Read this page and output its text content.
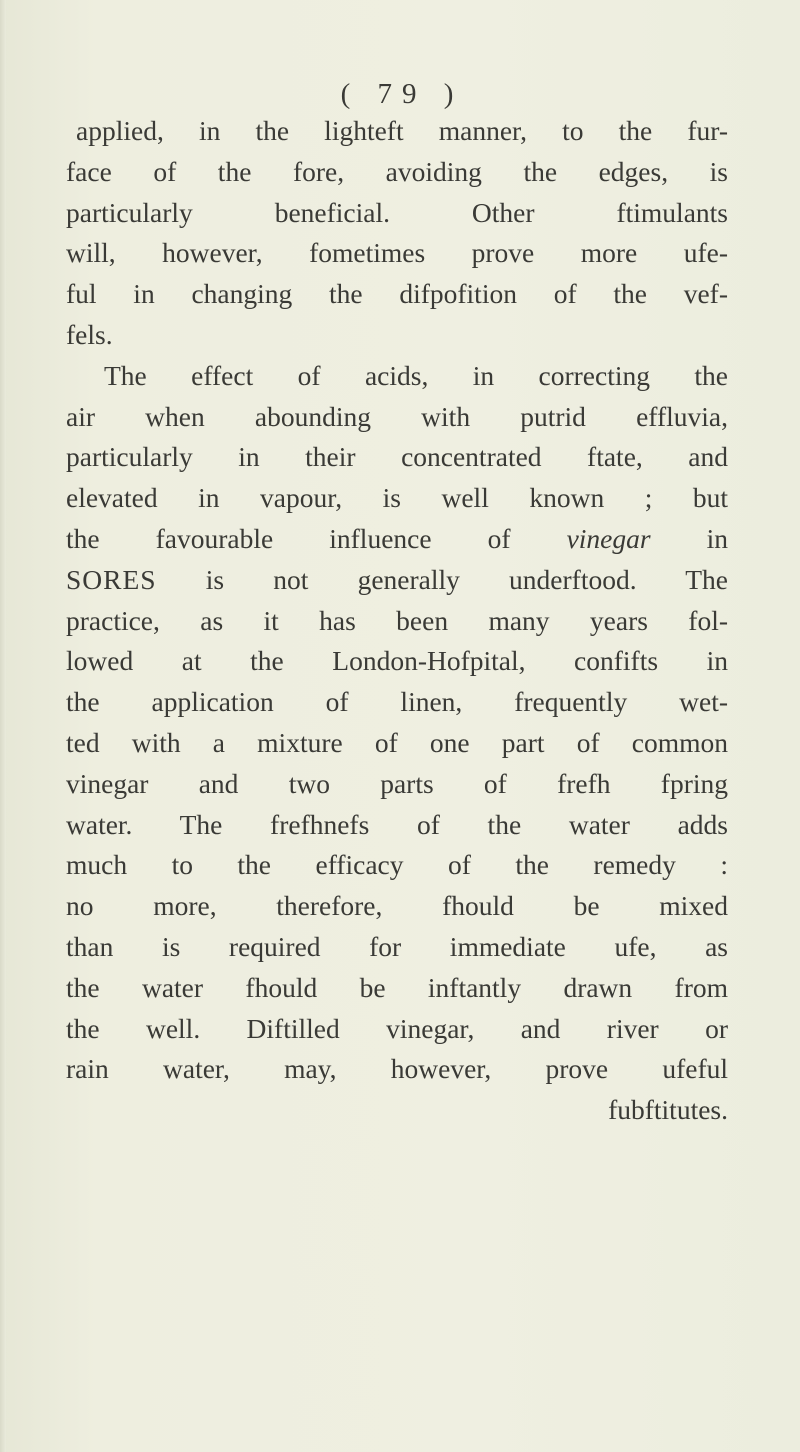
( 79 )
applied, in the lighteft manner, to the fur-
face of the fore, avoiding the edges, is
particularly beneficial. Other ftimulants
will, however, fometimes prove more ufe-
ful in changing the difpofition of the vef-
fels.
The effect of acids, in correcting the
air when abounding with putrid effluvia,
particularly in their concentrated ftate, and
elevated in vapour, is well known ; but
the favourable influence of vinegar in
SORES is not generally underftood. The
practice, as it has been many years fol-
lowed at the London-Hofpital, confifts in
the application of linen, frequently wet-
ted with a mixture of one part of common
vinegar and two parts of frefh fpring
water. The frefhnefs of the water adds
much to the efficacy of the remedy :
no more, therefore, fhould be mixed
than is required for immediate ufe, as
the water fhould be inftantly drawn from
the well. Diftilled vinegar, and river or
rain water, may, however, prove ufeful
fubftitutes.
